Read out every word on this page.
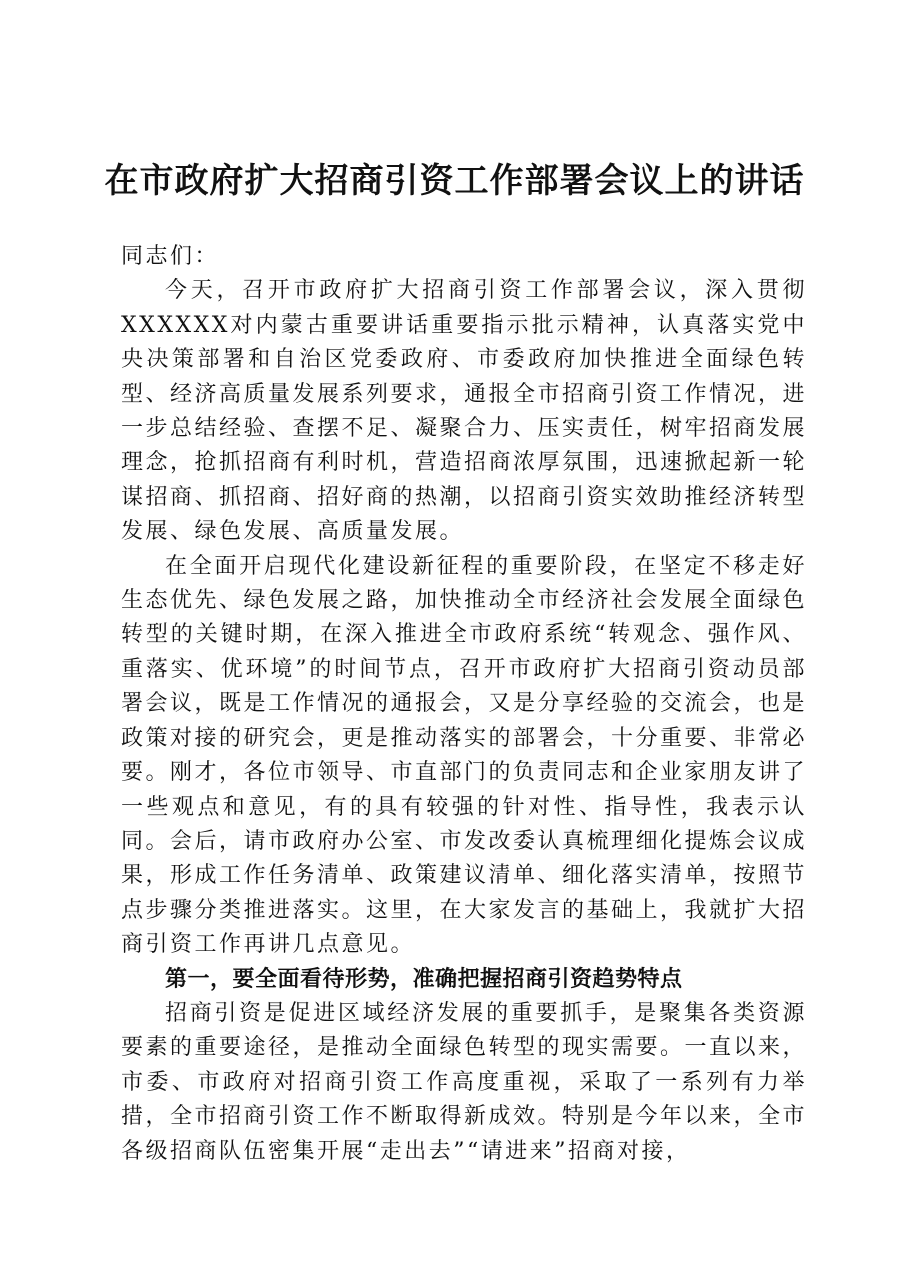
在市政府扩大招商引资工作部署会议上的讲话

同志们：

今天，召开市政府扩大招商引资工作部署会议，深入贯彻XXXXXX对内蒙古重要讲话重要指示批示精神，认真落实党中央决策部署和自治区党委政府、市委政府加快推进全面绿色转型、经济高质量发展系列要求，通报全市招商引资工作情况，进一步总结经验、查摆不足、凝聚合力、压实责任，树牢招商发展理念，抢抓招商有利时机，营造招商浓厚氛围，迅速掀起新一轮谋招商、抓招商、招好商的热潮，以招商引资实效助推经济转型发展、绿色发展、高质量发展。

在全面开启现代化建设新征程的重要阶段，在坚定不移走好生态优先、绿色发展之路，加快推动全市经济社会发展全面绿色转型的关键时期，在深入推进全市政府系统“转观念、强作风、重落实、优环境”的时间节点，召开市政府扩大招商引资动员部署会议，既是工作情况的通报会，又是分享经验的交流会，也是政策对接的研究会，更是推动落实的部署会，十分重要、非常必要。刚才，各位市领导、市直部门的负责同志和企业家朋友讲了一些观点和意见，有的具有较强的针对性、指导性，我表示认同。会后，请市政府办公室、市发改委认真梳理细化提炼会议成果，形成工作任务清单、政策建议清单、细化落实清单，按照节点步骤分类推进落实。这里，在大家发言的基础上，我就扩大招商引资工作再讲几点意见。

第一，要全面看待形势，准确把握招商引资趋势特点

招商引资是促进区域经济发展的重要抓手，是聚集各类资源要素的重要途径，是推动全面绿色转型的现实需要。一直以来，市委、市政府对招商引资工作高度重视，采取了一系列有力举措，全市招商引资工作不断取得新成效。特别是今年以来，全市各级招商队伍密集开展“走出去”“请进来”招商对接，
